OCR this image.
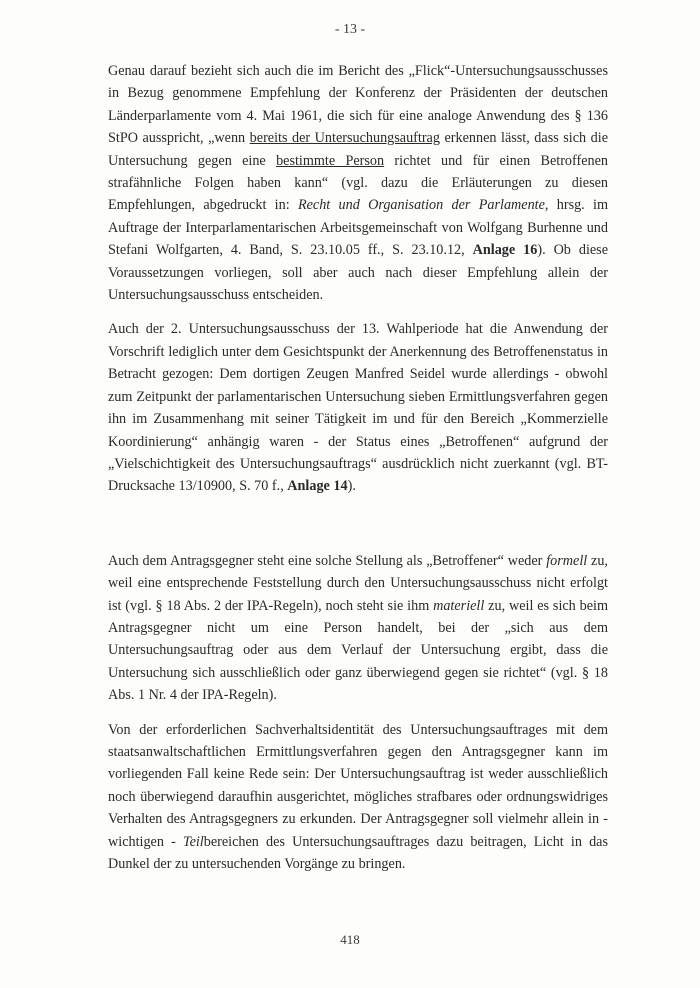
- 13 -

Genau darauf bezieht sich auch die im Bericht des „Flick“-Untersuchungsausschusses in Bezug genommene Empfehlung der Konferenz der Präsidenten der deutschen Länderparlamente vom 4. Mai 1961, die sich für eine analoge Anwendung des § 136 StPO ausspricht, „wenn bereits der Untersuchungsauftrag erkennen lässt, dass sich die Untersuchung gegen eine bestimmte Person richtet und für einen Betroffenen strafähnliche Folgen haben kann“ (vgl. dazu die Erläuterungen zu diesen Empfehlungen, abgedruckt in: Recht und Organisation der Parlamente, hrsg. im Auftrage der Interparlamentarischen Arbeitsgemeinschaft von Wolfgang Burhenne und Stefani Wolfgarten, 4. Band, S. 23.10.05 ff., S. 23.10.12, Anlage 16). Ob diese Voraussetzungen vorliegen, soll aber auch nach dieser Empfehlung allein der Untersuchungsausschuss entscheiden.

Auch der 2. Untersuchungsausschuss der 13. Wahlperiode hat die Anwendung der Vorschrift lediglich unter dem Gesichtspunkt der Anerkennung des Betroffenenstatus in Betracht gezogen: Dem dortigen Zeugen Manfred Seidel wurde allerdings - obwohl zum Zeitpunkt der parlamentarischen Untersuchung sieben Ermittlungsverfahren gegen ihn im Zusammenhang mit seiner Tätigkeit im und für den Bereich „Kommerzielle Koordinierung“ anhängig waren - der Status eines „Betroffenen“ aufgrund der „Vielschichtigkeit des Untersuchungsauftrags“ ausdrücklich nicht zuerkannt (vgl. BT-Drucksache 13/10900, S. 70 f., Anlage 14).

Auch dem Antragsgegner steht eine solche Stellung als „Betroffener“ weder formell zu, weil eine entsprechende Feststellung durch den Untersuchungsausschuss nicht erfolgt ist (vgl. § 18 Abs. 2 der IPA-Regeln), noch steht sie ihm materiell zu, weil es sich beim Antragsgegner nicht um eine Person handelt, bei der „sich aus dem Untersuchungsauftrag oder aus dem Verlauf der Untersuchung ergibt, dass die Untersuchung sich ausschließlich oder ganz überwiegend gegen sie richtet“ (vgl. § 18 Abs. 1 Nr. 4 der IPA-Regeln).

Von der erforderlichen Sachverhaltsidentität des Untersuchungsauftrages mit dem staatsanwaltschaftlichen Ermittlungsverfahren gegen den Antragsgegner kann im vorliegenden Fall keine Rede sein: Der Untersuchungsauftrag ist weder ausschließlich noch überwiegend daraufhin ausgerichtet, mögliches strafbares oder ordnungswidriges Verhalten des Antragsgegners zu erkunden. Der Antragsgegner soll vielmehr allein in - wichtigen - Teilbereichen des Untersuchungsauftrages dazu beitragen, Licht in das Dunkel der zu untersuchenden Vorgänge zu bringen.

418
